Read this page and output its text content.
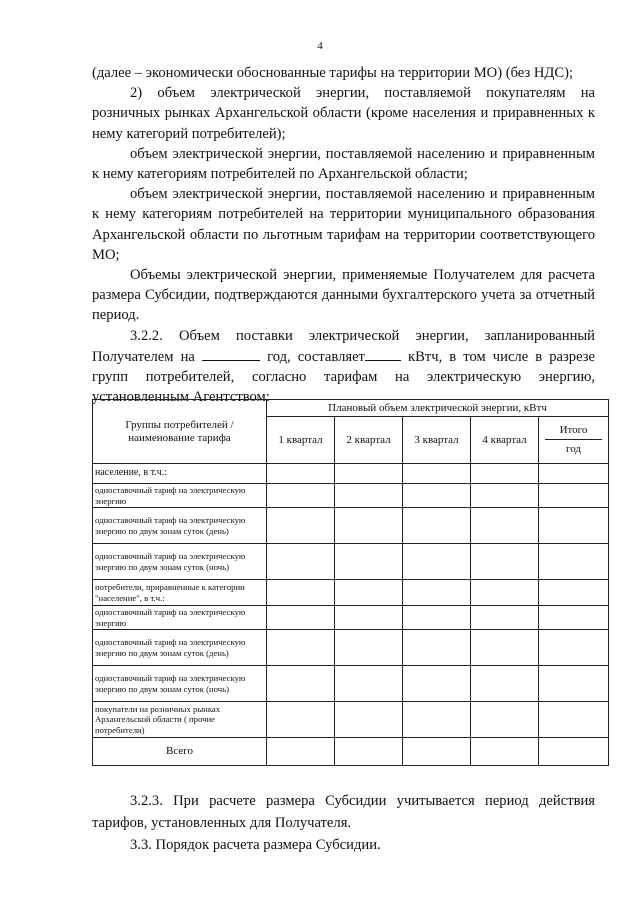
4

(далее – экономически обоснованные тарифы на территории МО) (без НДС);

2) объем электрической энергии, поставляемой покупателям на розничных рынках Архангельской области (кроме населения и приравненных к нему категорий потребителей);

объем электрической энергии, поставляемой населению и приравненным к нему категориям потребителей по Архангельской области;

объем электрической энергии, поставляемой населению и приравненным к нему категориям потребителей на территории муниципального образования Архангельской области по льготным тарифам на территории соответствующего МО;

Объемы электрической энергии, применяемые Получателем для расчета размера Субсидии, подтверждаются данными бухгалтерского учета за отчетный период.

3.2.2. Объем поставки электрической энергии, запланированный Получателем на	год, составляет	кВтч, в том числе в разрезе групп потребителей, согласно тарифам на электрическую энергию, установленным Агентством:

Группы потребителей / наименование тарифа	Плановый объем электрической энергии, кВтч				
	1 квартал	2 квартал	3 квартал	4 квартал	Итого
год
население, в т.ч.:					
одноставочный тариф на электрическую энергию					
одноставочный тариф на электрическую энергию по двум зонам суток (день)					
одноставочный тариф на электрическую энергию по двум зонам суток (ночь)					
потребители, приравненные к категории "население", в т.ч.:					
одноставочный тариф на электрическую энергию					
одноставочный тариф на электрическую энергию по двум зонам суток (день)					
одноставочный тариф на электрическую энергию по двум зонам суток (ночь)					
покупатели на розничных рынках Архангельской области ( прочие потребители)					
Всего					

3.2.3. При расчете размера Субсидии учитывается период действия тарифов, установленных для Получателя.

3.3. Порядок расчета размера Субсидии.
